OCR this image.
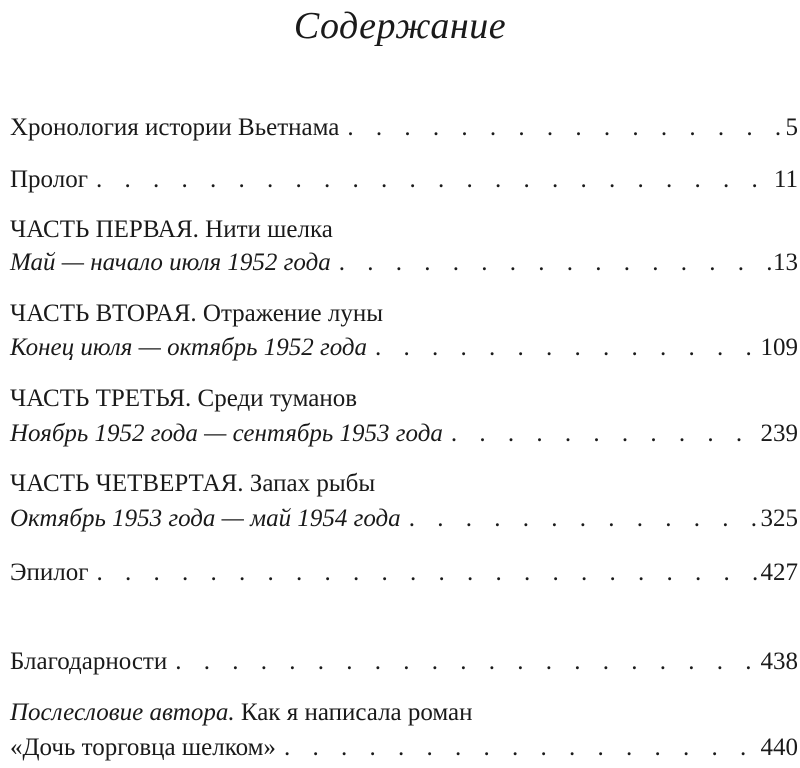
Содержание
Хронология истории Вьетнама . . .	5
Пролог . . .	11
ЧАСТЬ ПЕРВАЯ. Нити шелка
Май — начало июля 1952 года . . .	13
ЧАСТЬ ВТОРАЯ. Отражение луны
Конец июля — октябрь 1952 года . . .	109
ЧАСТЬ ТРЕТЬЯ. Среди туманов
Ноябрь 1952 года — сентябрь 1953 года . . .	239
ЧАСТЬ ЧЕТВЕРТАЯ. Запах рыбы
Октябрь 1953 года — май 1954 года . . .	325
Эпилог . . .	427
Благодарности . . .	438
Послесловие автора. Как я написала роман
«Дочь торговца шелком» . . .	440
